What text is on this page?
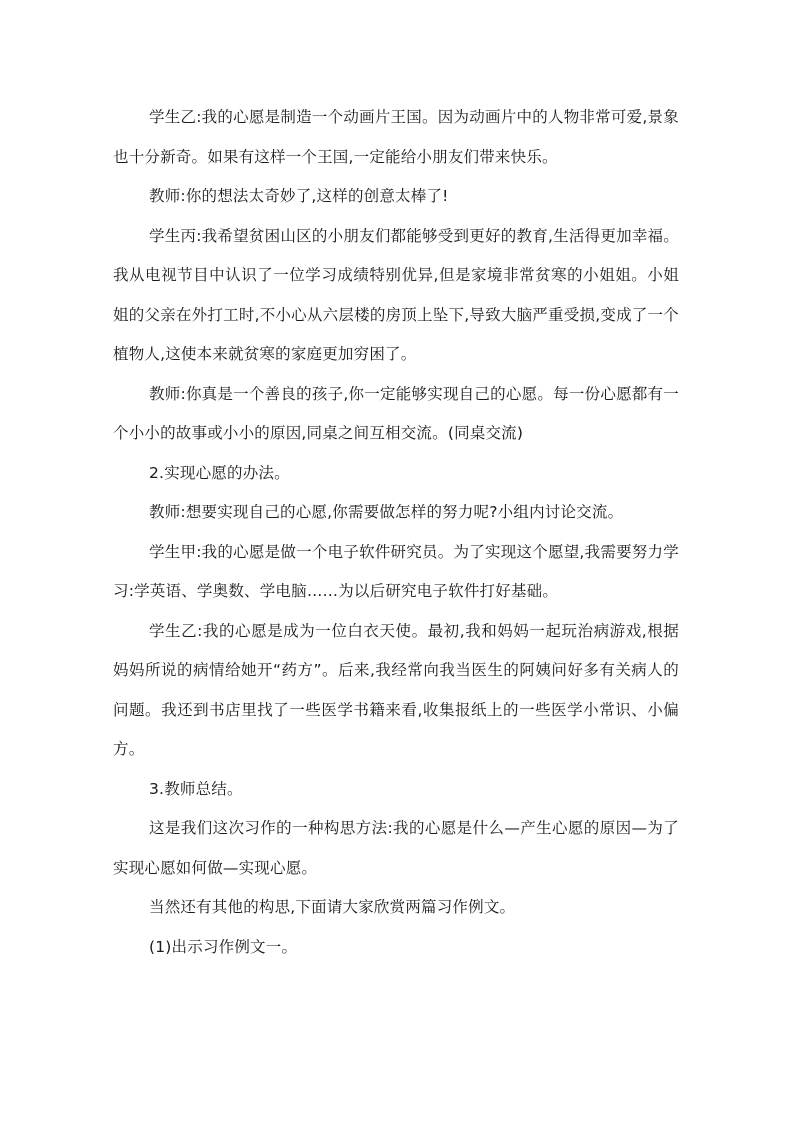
学生乙:我的心愿是制造一个动画片王国。因为动画片中的人物非常可爱,景象也十分新奇。如果有这样一个王国,一定能给小朋友们带来快乐。

教师:你的想法太奇妙了,这样的创意太棒了!

学生丙:我希望贫困山区的小朋友们都能够受到更好的教育,生活得更加幸福。我从电视节目中认识了一位学习成绩特别优异,但是家境非常贫寒的小姐姐。小姐姐的父亲在外打工时,不小心从六层楼的房顶上坠下,导致大脑严重受损,变成了一个植物人,这使本来就贫寒的家庭更加穷困了。

教师:你真是一个善良的孩子,你一定能够实现自己的心愿。每一份心愿都有一个小小的故事或小小的原因,同桌之间互相交流。(同桌交流)

2.实现心愿的办法。

教师:想要实现自己的心愿,你需要做怎样的努力呢?小组内讨论交流。

学生甲:我的心愿是做一个电子软件研究员。为了实现这个愿望,我需要努力学习:学英语、学奥数、学电脑……为以后研究电子软件打好基础。

学生乙:我的心愿是成为一位白衣天使。最初,我和妈妈一起玩治病游戏,根据妈妈所说的病情给她开“药方”。后来,我经常向我当医生的阿姨问好多有关病人的问题。我还到书店里找了一些医学书籍来看,收集报纸上的一些医学小常识、小偏方。

3.教师总结。

这是我们这次习作的一种构思方法:我的心愿是什么—产生心愿的原因—为了实现心愿如何做—实现心愿。

当然还有其他的构思,下面请大家欣赏两篇习作例文。

(1)出示习作例文一。
